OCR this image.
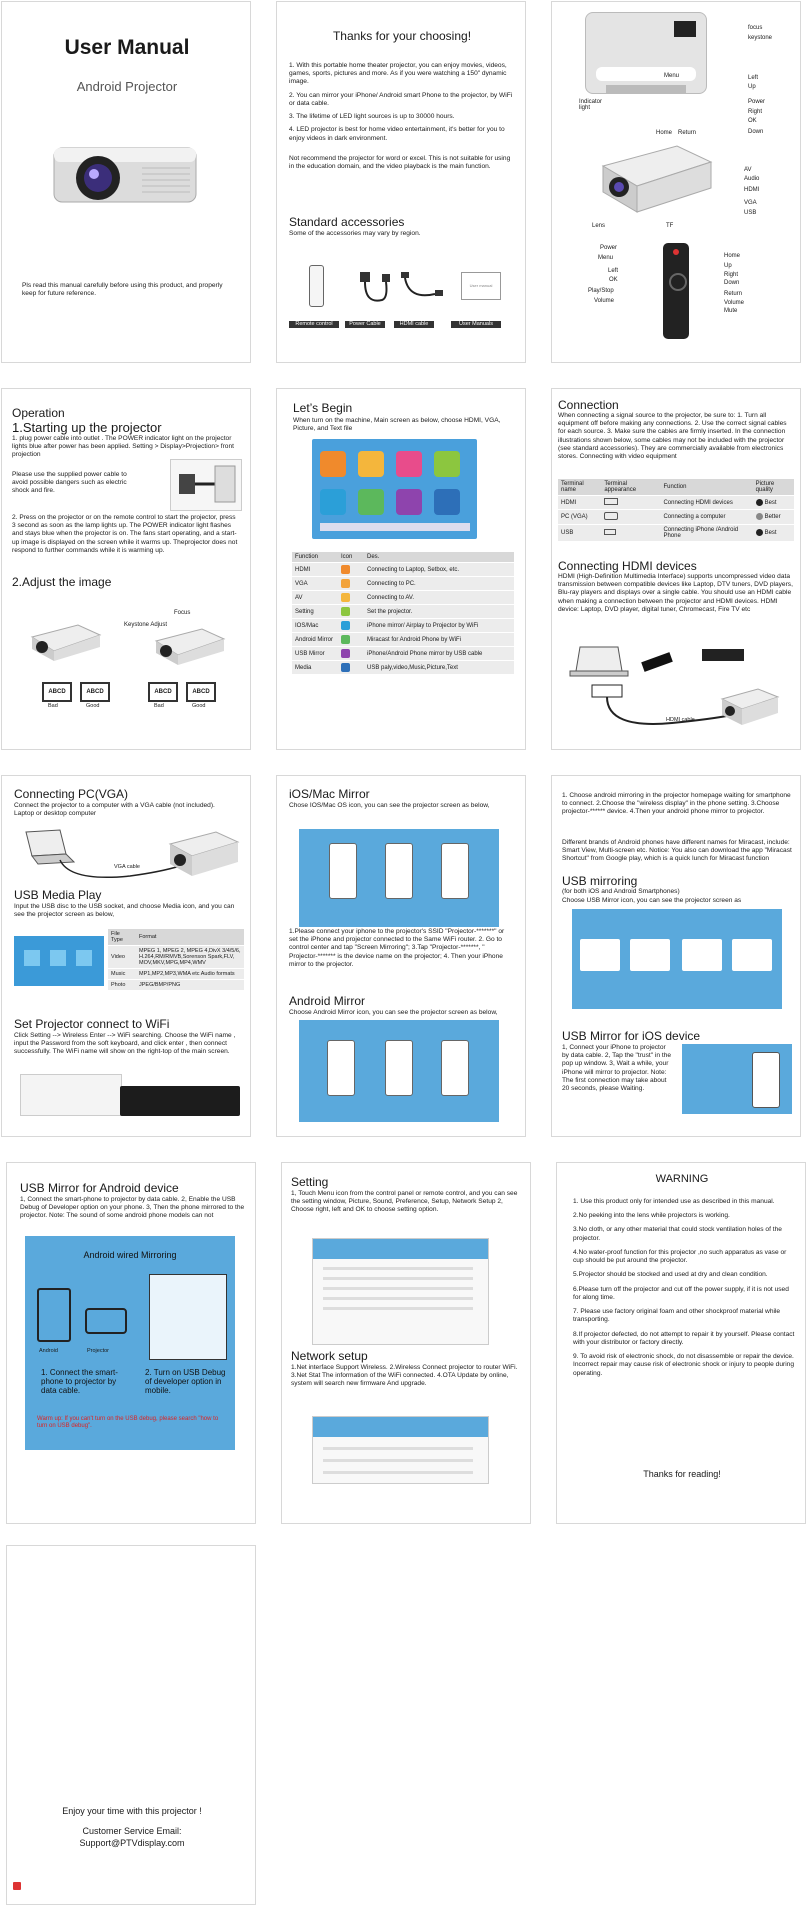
User Manual
Android Projector
Pls read this manual carefully before using this product, and properly keep for future reference.
Thanks for your choosing!
1. With this portable home theater projector, you can enjoy movies, videos, games, sports, pictures and more. As if you were watching a 150" dynamic image.
2. You can mirror your iPhone/ Android smart Phone to the projector, by WiFi or data cable.
3. The lifetime of LED light sources is up to 30000 hours.
4. LED projector is best for home video entertainment, it's better for you to enjoy videos in dark environment.
Not recommend the projector for word or excel. This is not suitable for using in the education domain, and the video playback is the main function.
Standard accessories
Some of the accessories may vary by region.
User manual
Remote control	Power Cable	HDMI cable	User Manuals
focus
keystone
Menu	Left
Up
Power
Right
OK
Down
Indicator light
Home Return
AV
Audio
HDMI
VGA
USB
Lens	TF
Power
Menu
Left
OK
Play/Stop
Volume
Home
Up
Right
Down
Return
Volume
Mute
Operation
1.Starting up the projector
1. plug power cable into outlet . The POWER indicator light on the projector lights blue after power has been applied. Setting > Display>Projection> front projection
Please use the supplied power cable to avoid possible dangers such as electric shock and fire.
2. Press on the projector or on the remote control to start the projector, press 3 second as soon as the lamp lights up. The POWER indicator light flashes and stays blue when the projector is on. The fans start operating, and a start-up image is displayed on the screen while it warms up. Theprojector does not respond to further commands while it is warming up.
2.Adjust the image
Focus
Keystone Adjust
ABCD	ABCD	ABCD	ABCD
Bad	Good	Bad	Good
Let’s Begin
When turn on the machine, Main screen as below, choose HDMI, VGA, Picture, and Text file
Function	Icon	Des.
HDMI		Connecting to Laptop, Setbox, etc.
VGA		Connecting to PC.
AV		Connecting to AV.
Setting		Set the projector.
IOS/Mac		iPhone mirror/ Airplay to Projector by WiFi
Android Mirror		Miracast for Android Phone by WiFi
USB Mirror		iPhone/Android Phone mirror by USB cable
Media		USB paly,video,Music,Picture,Text
Connection
When connecting a signal source to the projector, be sure to: 1. Turn all equipment off before making any connections. 2. Use the correct signal cables for each source. 3. Make sure the cables are firmly inserted. In the connection illustrations shown below, some cables may not be included with the projector (see standard accessories). They are commercially available from electronics stores. Connecting with video equipment
Terminal name	Terminal appearance	Function	Picture quality
HDMI		Connecting HDMI devices	Best
PC (VGA)		Connecting a computer	Better
USB		Connecting iPhone /Android Phone	Best
Connecting HDMI devices
HDMI (High-Definition Multimedia Interface) supports uncompressed video data transmission between compatible devices like Laptop, DTV tuners, DVD players, Blu-ray players and displays over a single cable. You should use an HDMI cable when making a connection between the projector and HDMI devices. HDMI device: Laptop, DVD player, digital tuner, Chromecast, Fire TV etc
HDMI cable
Connecting PC(VGA)
Connect the projector to a computer with a VGA cable (not included). Laptop or desktop computer
VGA cable
USB Media Play
Input the USB disc to the USB socket, and choose Media icon, and you can see the projector screen as below,
File Type	Format
Video	MPEG 1, MPEG 2, MPEG 4,DivX 3/4/5/6, H.264,RM/RMVB,Sorenson Spark,FLV, MOV,MKV,MPG,MP4,WMV
Music	MP1,MP2,MP3,WMA etc Audio formats
Photo	JPEG/BMP/PNG
Set Projector connect to WiFi
Click Setting --> Wireless Enter --> WiFi searching. Choose the WiFi name , input the Password from the soft keyboard, and click enter , then connect successfully. The WiFi name will show on the right-top of the main screen.
iOS/Mac Mirror
Chose IOS/Mac OS icon, you can see the projector screen as below,
1.Please connect your iphone to the projector's SSID "Projector-*******" or set the iPhone and projector connected to the Same WiFi router. 2. Go to control center and tap "Screen Mirroring"; 3.Tap "Projector-*******, " Projector-******* is the device name on the projector; 4. Then your iPhone mirror to the projector.
Android Mirror
Choose Android Mirror icon, you can see the projector screen as below,
1. Choose android mirroring in the projector homepage waiting for smartphone to connect. 2.Choose the "wireless display" in the phone setting. 3.Choose projector-****** device. 4.Then your android phone mirror to projector.
Different brands of Android phones have different names for Miracast, include: Smart View, Multi-screen etc. Notice: You also can download the app "Miracast Shortcut" from Google play, which is a quick lunch for Miracast function
USB mirroring
(for both iOS and Android Smartphones)
Choose USB Mirror icon, you can see the projector screen as
USB Mirror for iOS device
1, Connect your iPhone to projector by data cable. 2, Tap the "trust" in the pop up window. 3, Wait a while, your iPhone will mirror to projector. Note: The first connection may take about 20 seconds, please Waiting.
USB Mirror for Android device
1, Connect the smart-phone to projector by data cable. 2, Enable the USB Debug of Developer option on your phone. 3, Then the phone mirrored to the projector. Note: The sound of some android phone models can not
Android wired Mirroring
Android	Projector
1. Connect the smart-phone to projector by data cable.
2. Turn on USB Debug of developer option in mobile.
Warm up: If you can't turn on the USB debug, please search "how to turn on USB debug".
Setting
1, Touch Menu icon from the control panel or remote control, and you can see the setting window, Picture, Sound, Preference, Setup, Network Setup 2, Choose right, left and OK to choose setting option.
Network setup
1.Net interface Support Wireless. 2.Wireless Connect projector to router WiFi. 3.Net Stat The information of the WiFi connected. 4.OTA Update by online, system will search new firmware And upgrade.
WARNING
1. Use this product only for intended use as described in this manual.
2.No peeking into the lens while projectors is working.
3.No cloth, or any other material that could stock ventilation holes of the projector.
4.No water-proof function for this projector ,no such apparatus as vase or cup should be put around the projector.
5.Projector should be stocked and used at dry and clean condition.
6.Please turn off the projector and cut off the power supply, if it is not used for along time.
7. Please use factory original foam and other shockproof material while transporting.
8.If projector defected, do not attempt to repair it by yourself. Please contact with your distributor or factory directly.
9. To avoid risk of electronic shock, do not disassemble or repair the device. Incorrect repair may cause risk of electronic shock or injury to people during operating.
Thanks for reading!
Enjoy your time with this projector !
Customer Service Email:
Support@PTVdisplay.com
